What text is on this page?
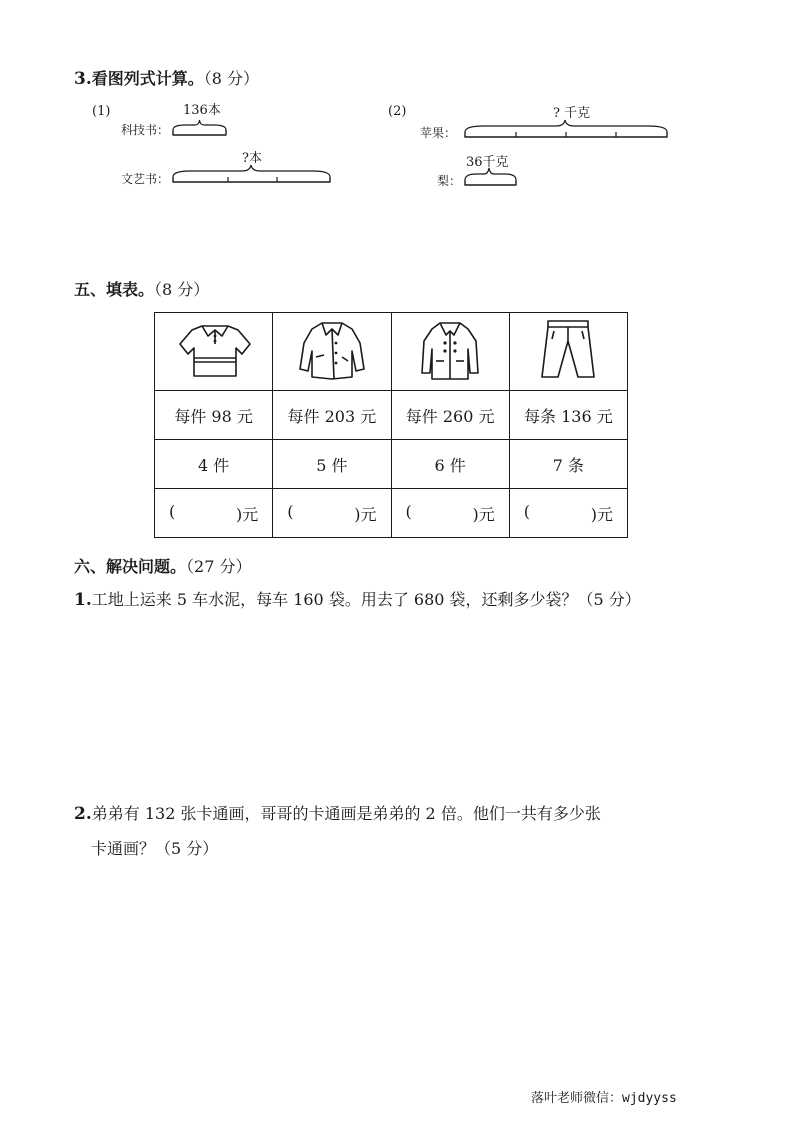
3.看图列式计算。（8 分）
(1)	136本
科技书：
?本
文艺书：
(2)	? 千克
苹果：
36千克
梨：
五、填表。（8 分）

每件 98 元	每件 203 元	每件 260 元	每条 136 元
4 件	5 件	6 件	7 条

( )元	( )元	( )元	( )元
六、解决问题。（27 分）
1.工地上运来 5 车水泥，每车 160 袋。用去了 680 袋，还剩多少袋？（5 分）
2.弟弟有 132 张卡通画，哥哥的卡通画是弟弟的 2 倍。他们一共有多少张
卡通画？（5 分）
落叶老师微信：wjdyyss
